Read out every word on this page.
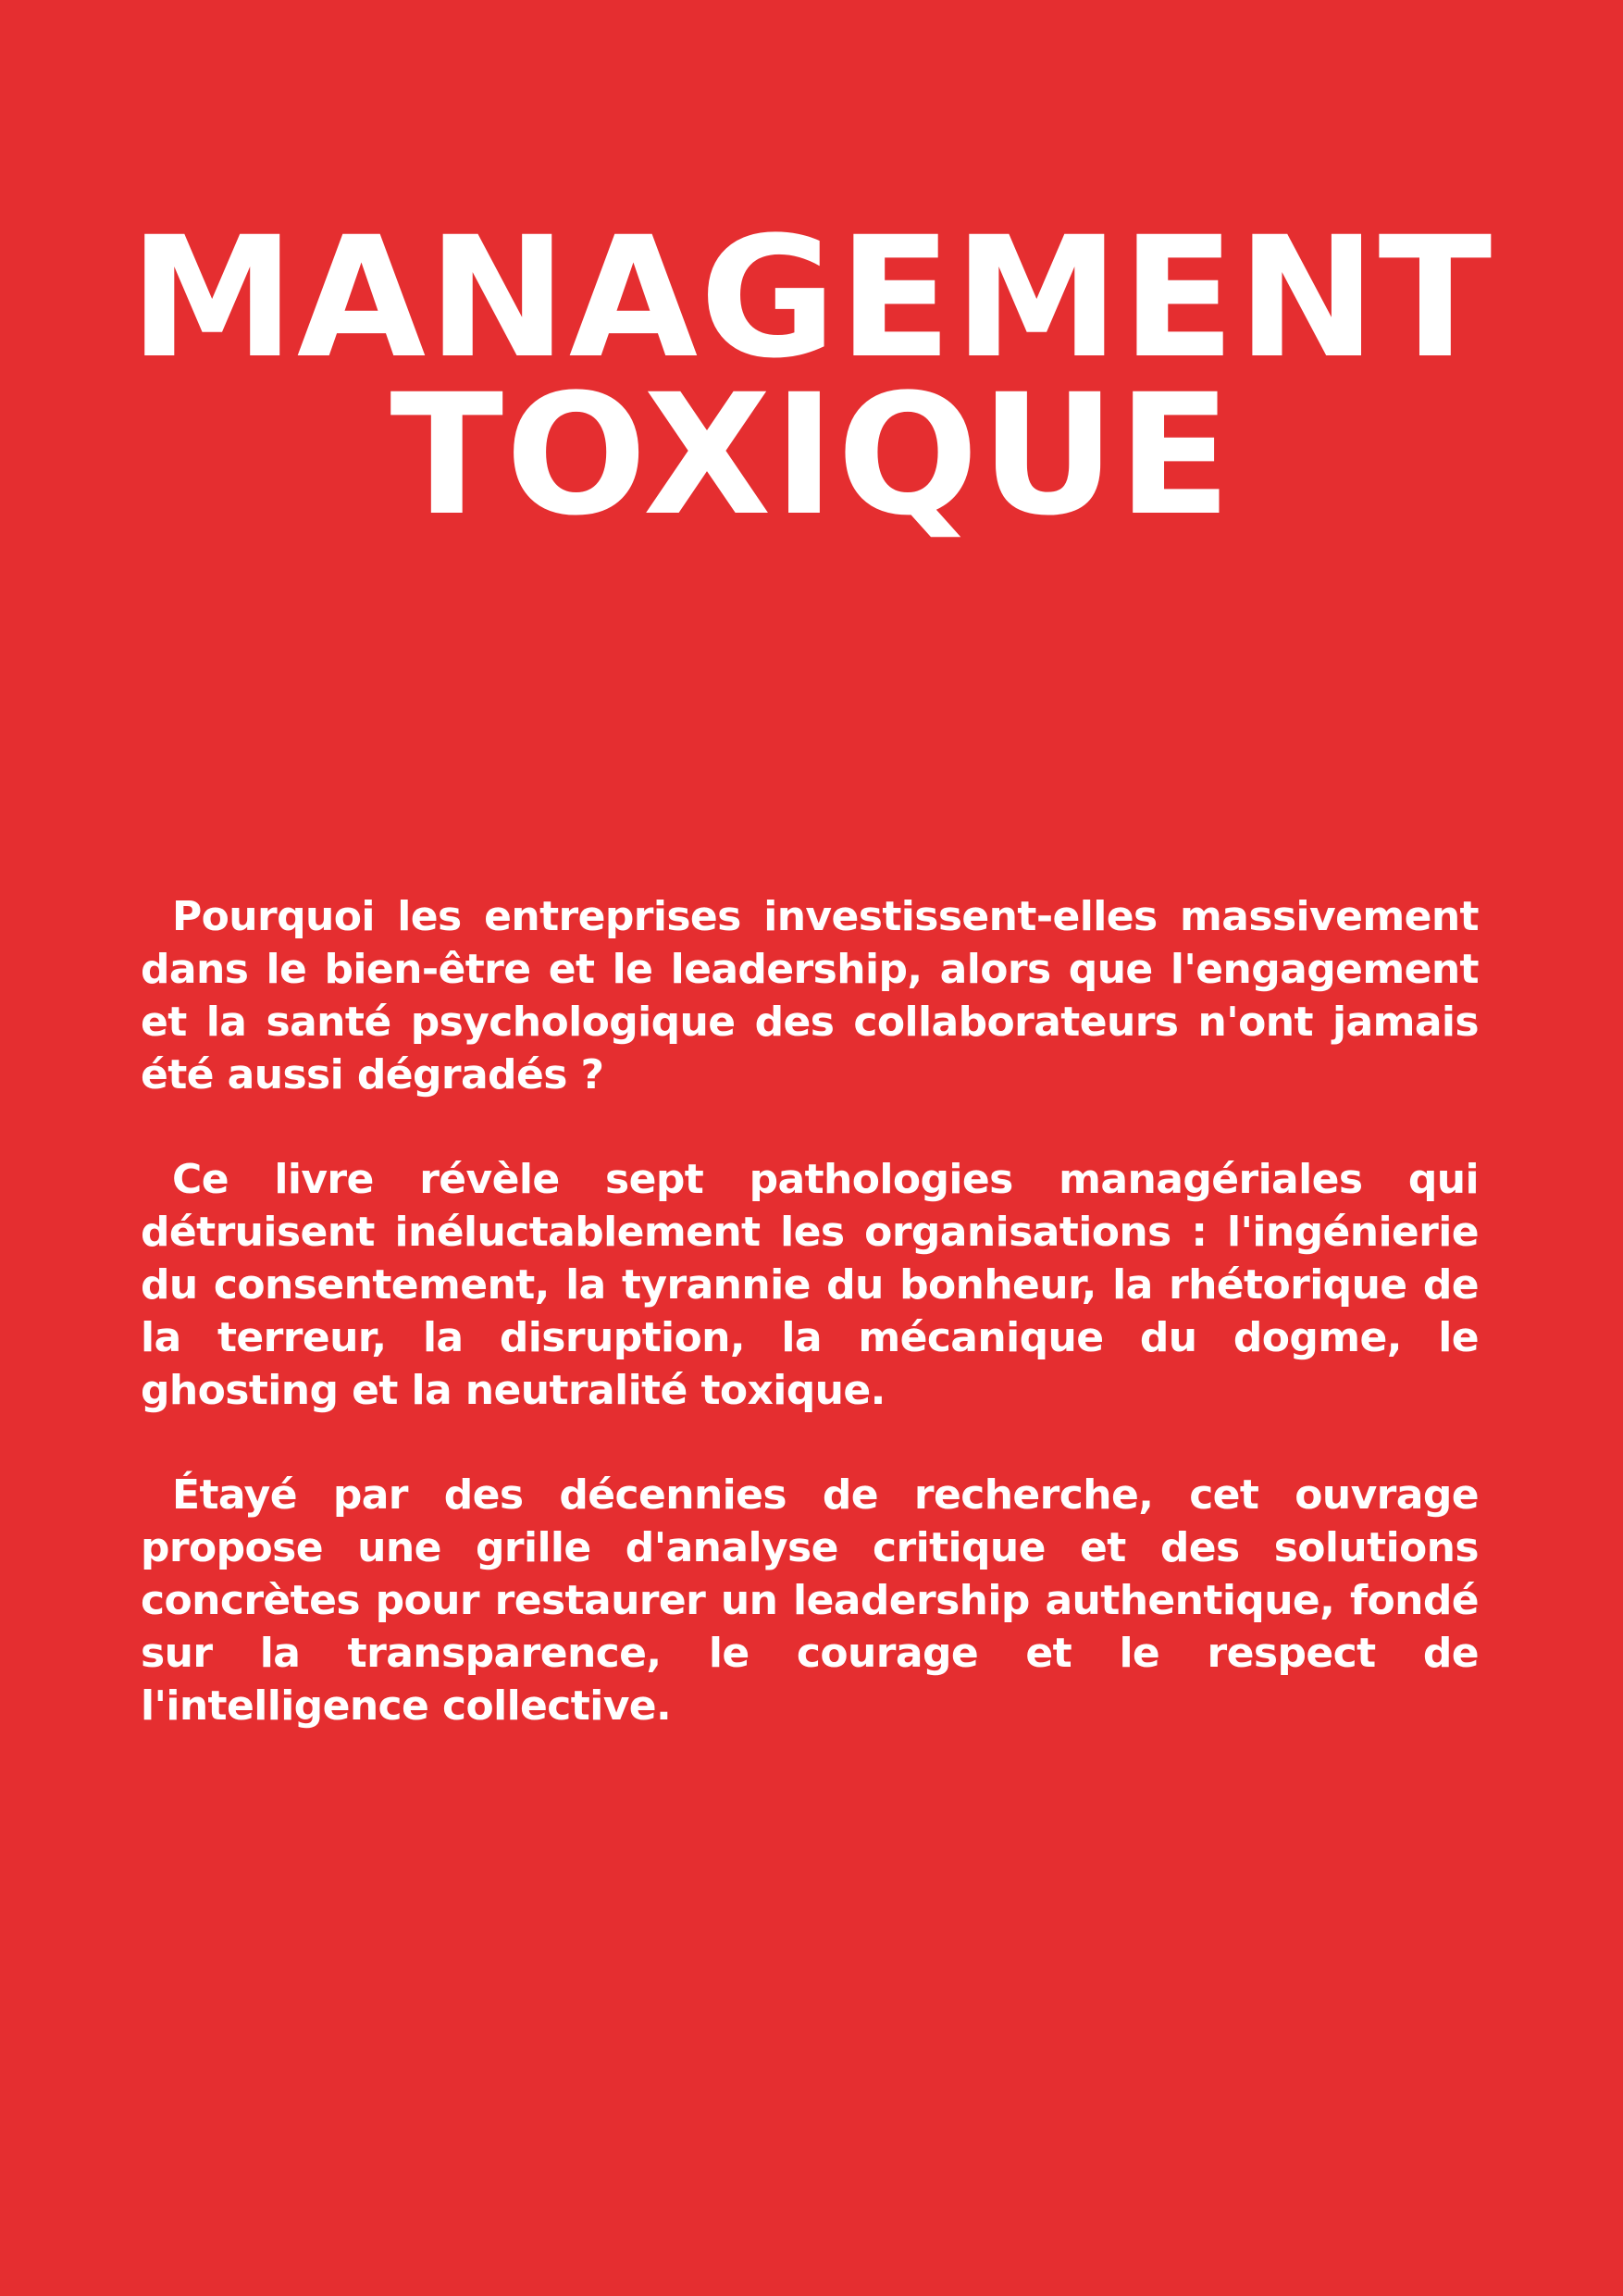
MANAGEMENT
TOXIQUE

Pourquoi les entreprises investissent-elles massivement dans le bien-être et le leadership, alors que l'engagement et la santé psychologique des collaborateurs n'ont jamais été aussi dégradés ?

Ce livre révèle sept pathologies managériales qui détruisent inéluctablement les organisations : l'ingénierie du consentement, la tyrannie du bonheur, la rhétorique de la terreur, la disruption, la mécanique du dogme, le ghosting et la neutralité toxique.

Étayé par des décennies de recherche, cet ouvrage propose une grille d'analyse critique et des solutions concrètes pour restaurer un leadership authentique, fondé sur la transparence, le courage et le respect de l'intelligence collective.
